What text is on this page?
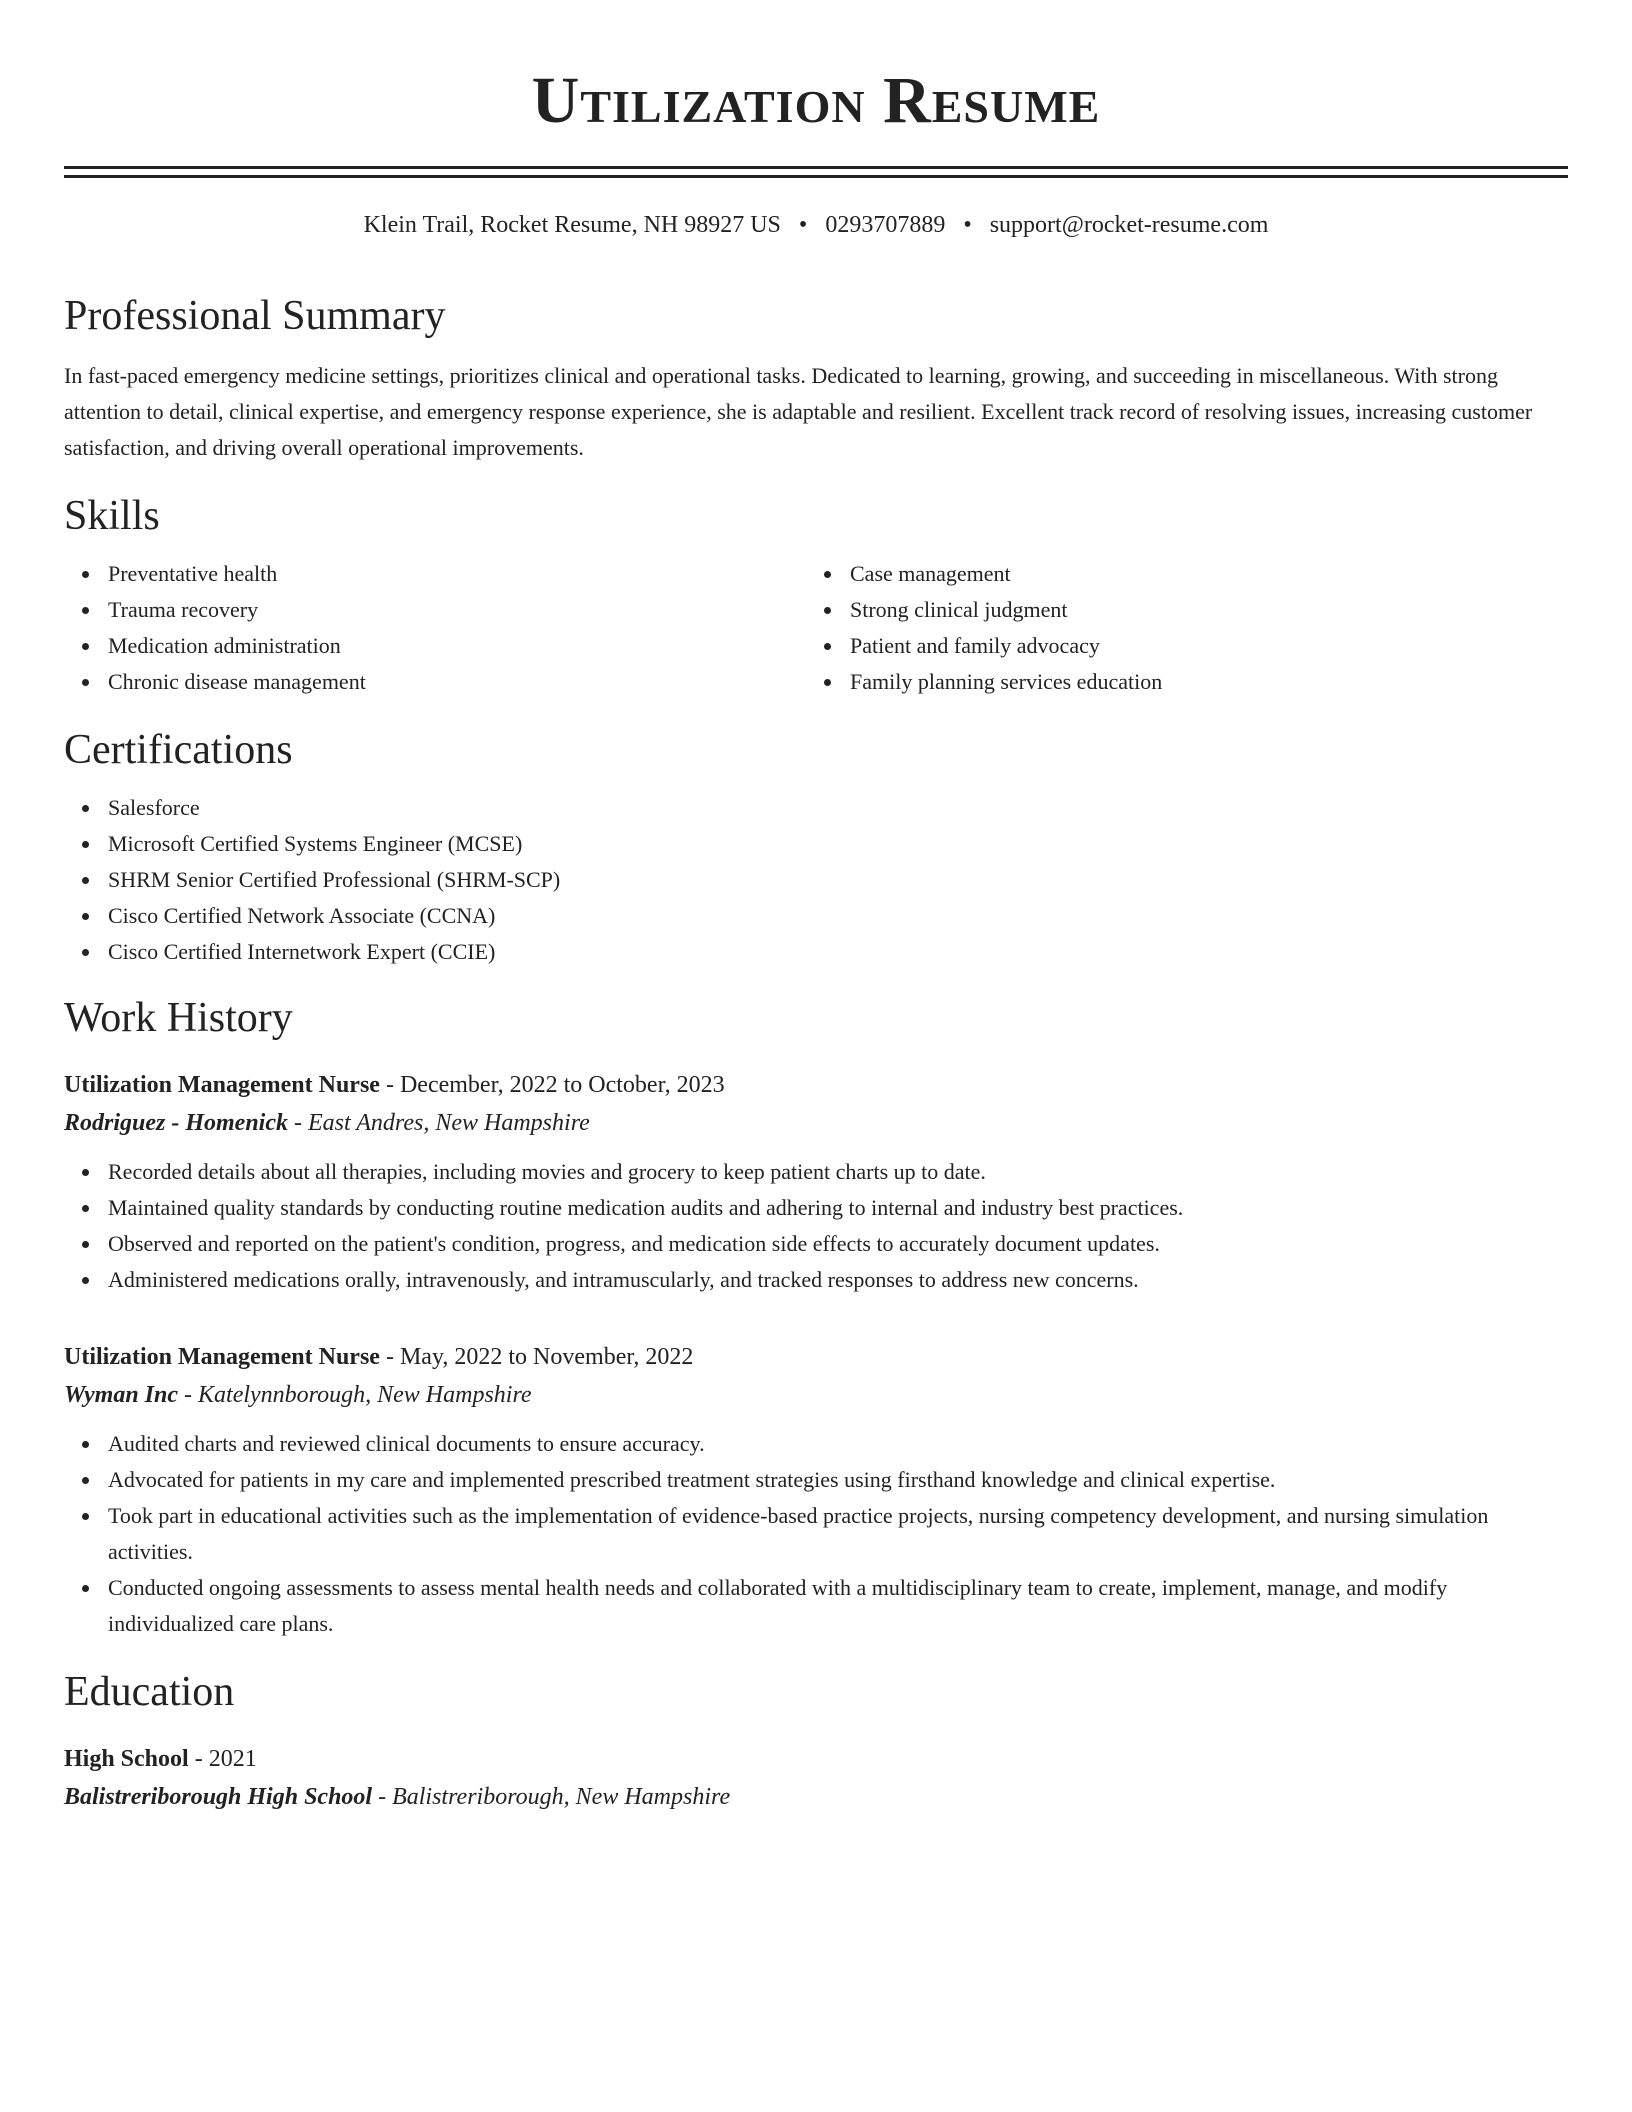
Utilization Resume
Klein Trail, Rocket Resume, NH 98927 US • 0293707889 • support@rocket-resume.com
Professional Summary

In fast-paced emergency medicine settings, prioritizes clinical and operational tasks. Dedicated to learning, growing, and succeeding in miscellaneous. With strong attention to detail, clinical expertise, and emergency response experience, she is adaptable and resilient. Excellent track record of resolving issues, increasing customer satisfaction, and driving overall operational improvements.

Skills
Preventative health
Trauma recovery
Medication administration
Chronic disease management
Case management
Strong clinical judgment
Patient and family advocacy
Family planning services education
Certifications
Salesforce
Microsoft Certified Systems Engineer (MCSE)
SHRM Senior Certified Professional (SHRM-SCP)
Cisco Certified Network Associate (CCNA)
Cisco Certified Internetwork Expert (CCIE)
Work History
Utilization Management Nurse - December, 2022 to October, 2023
Rodriguez - Homenick - East Andres, New Hampshire
Recorded details about all therapies, including movies and grocery to keep patient charts up to date.
Maintained quality standards by conducting routine medication audits and adhering to internal and industry best practices.
Observed and reported on the patient's condition, progress, and medication side effects to accurately document updates.
Administered medications orally, intravenously, and intramuscularly, and tracked responses to address new concerns.
Utilization Management Nurse - May, 2022 to November, 2022
Wyman Inc - Katelynnborough, New Hampshire
Audited charts and reviewed clinical documents to ensure accuracy.
Advocated for patients in my care and implemented prescribed treatment strategies using firsthand knowledge and clinical expertise.
Took part in educational activities such as the implementation of evidence-based practice projects, nursing competency development, and nursing simulation activities.
Conducted ongoing assessments to assess mental health needs and collaborated with a multidisciplinary team to create, implement, manage, and modify individualized care plans.
Education
High School - 2021
Balistreriborough High School - Balistreriborough, New Hampshire
